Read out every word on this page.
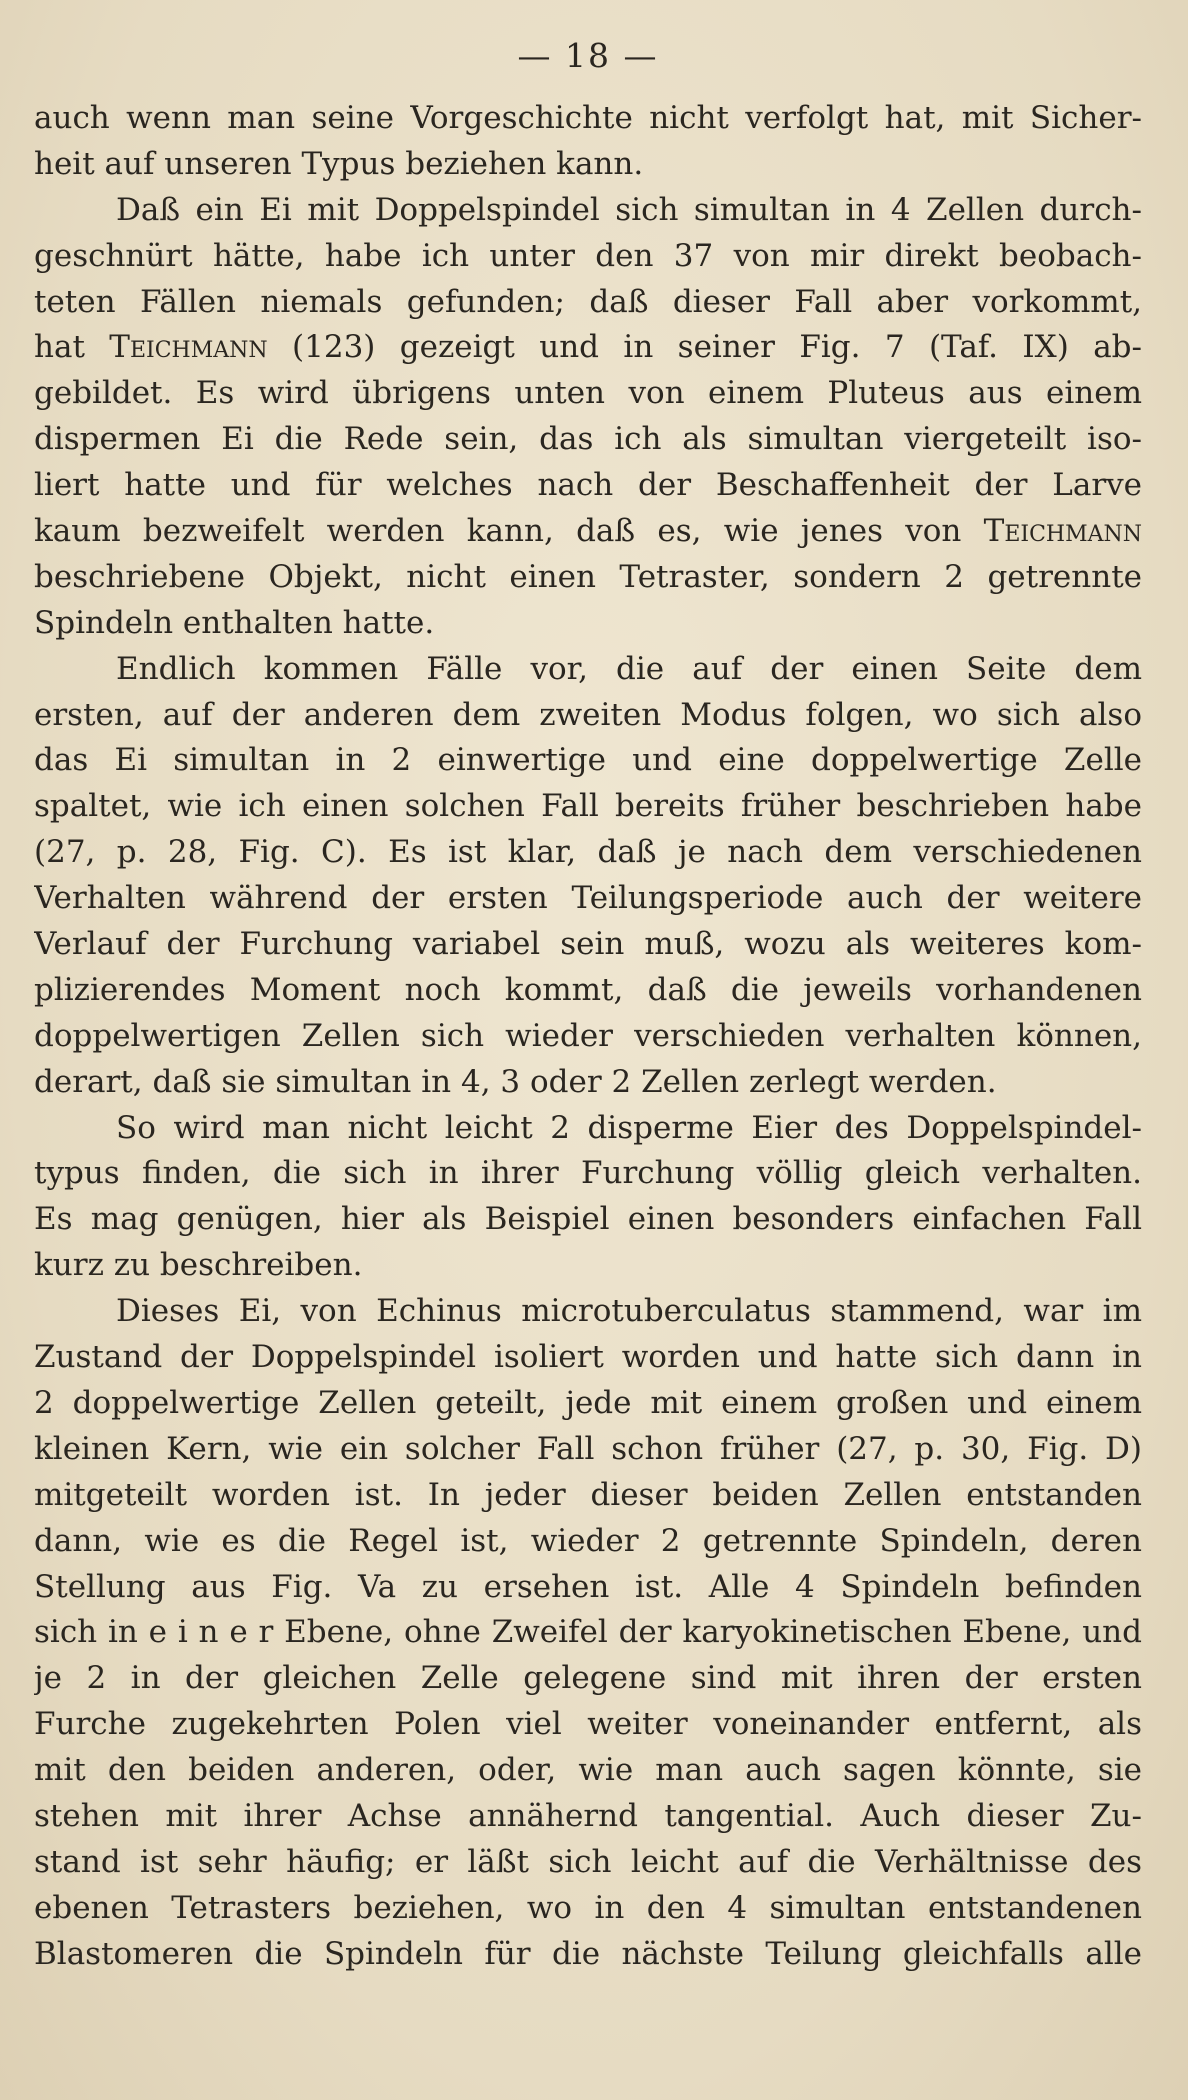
— 18 —
auch wenn man seine Vorgeschichte nicht verfolgt hat, mit Sicher-
heit auf unseren Typus beziehen kann.
Daß ein Ei mit Doppelspindel sich simultan in 4 Zellen durch-
geschnürt hätte, habe ich unter den 37 von mir direkt beobach-
teten Fällen niemals gefunden; daß dieser Fall aber vorkommt,
hat Teichmann (123) gezeigt und in seiner Fig. 7 (Taf. IX) ab-
gebildet. Es wird übrigens unten von einem Pluteus aus einem
dispermen Ei die Rede sein, das ich als simultan viergeteilt iso-
liert hatte und für welches nach der Beschaffenheit der Larve
kaum bezweifelt werden kann, daß es, wie jenes von Teichmann
beschriebene Objekt, nicht einen Tetraster, sondern 2 getrennte
Spindeln enthalten hatte.
Endlich kommen Fälle vor, die auf der einen Seite dem
ersten, auf der anderen dem zweiten Modus folgen, wo sich also
das Ei simultan in 2 einwertige und eine doppelwertige Zelle
spaltet, wie ich einen solchen Fall bereits früher beschrieben habe
(27, p. 28, Fig. C). Es ist klar, daß je nach dem verschiedenen
Verhalten während der ersten Teilungsperiode auch der weitere
Verlauf der Furchung variabel sein muß, wozu als weiteres kom-
plizierendes Moment noch kommt, daß die jeweils vorhandenen
doppelwertigen Zellen sich wieder verschieden verhalten können,
derart, daß sie simultan in 4, 3 oder 2 Zellen zerlegt werden.
So wird man nicht leicht 2 disperme Eier des Doppelspindel-
typus finden, die sich in ihrer Furchung völlig gleich verhalten.
Es mag genügen, hier als Beispiel einen besonders einfachen Fall
kurz zu beschreiben.
Dieses Ei, von Echinus microtuberculatus stammend, war im
Zustand der Doppelspindel isoliert worden und hatte sich dann in
2 doppelwertige Zellen geteilt, jede mit einem großen und einem
kleinen Kern, wie ein solcher Fall schon früher (27, p. 30, Fig. D)
mitgeteilt worden ist. In jeder dieser beiden Zellen entstanden
dann, wie es die Regel ist, wieder 2 getrennte Spindeln, deren
Stellung aus Fig. Va zu ersehen ist. Alle 4 Spindeln befinden
sich in e i n e r Ebene, ohne Zweifel der karyokinetischen Ebene, und
je 2 in der gleichen Zelle gelegene sind mit ihren der ersten
Furche zugekehrten Polen viel weiter voneinander entfernt, als
mit den beiden anderen, oder, wie man auch sagen könnte, sie
stehen mit ihrer Achse annähernd tangential. Auch dieser Zu-
stand ist sehr häufig; er läßt sich leicht auf die Verhältnisse des
ebenen Tetrasters beziehen, wo in den 4 simultan entstandenen
Blastomeren die Spindeln für die nächste Teilung gleichfalls alle
